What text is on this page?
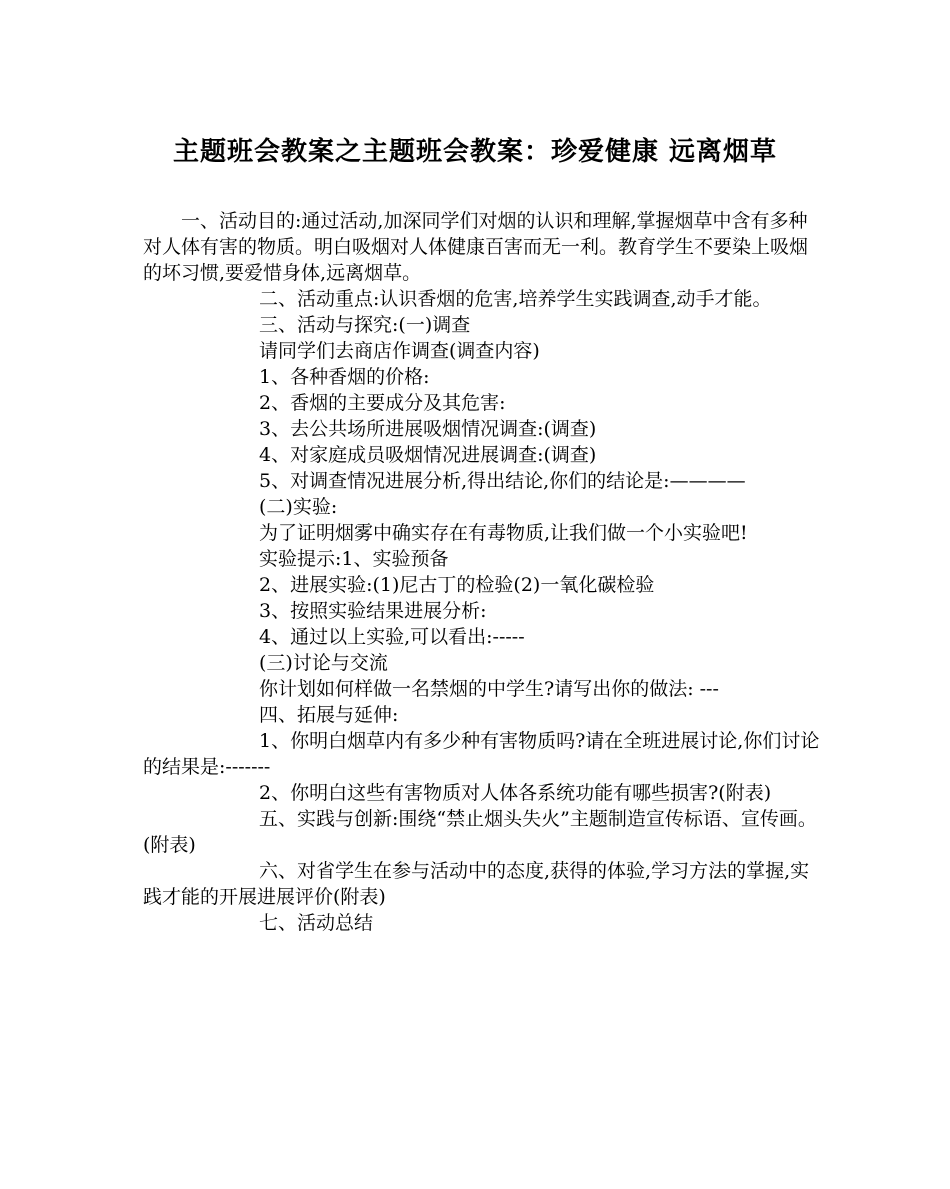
主题班会教案之主题班会教案：珍爱健康 远离烟草

一、活动目的:通过活动,加深同学们对烟的认识和理解,掌握烟草中含有多种对人体有害的物质。明白吸烟对人体健康百害而无一利。教育学生不要染上吸烟的坏习惯,要爱惜身体,远离烟草。

二、活动重点:认识香烟的危害,培养学生实践调查,动手才能。

三、活动与探究:(一)调查

请同学们去商店作调查(调查内容)

1、各种香烟的价格:

2、香烟的主要成分及其危害:

3、去公共场所进展吸烟情况调查:(调查)

4、对家庭成员吸烟情况进展调查:(调查)

5、对调查情况进展分析,得出结论,你们的结论是:————

(二)实验:

为了证明烟雾中确实存在有毒物质,让我们做一个小实验吧!

实验提示:1、实验预备

2、进展实验:(1)尼古丁的检验(2)一氧化碳检验

3、按照实验结果进展分析:

4、通过以上实验,可以看出:-----

(三)讨论与交流

你计划如何样做一名禁烟的中学生?请写出你的做法: ---

四、拓展与延伸:

1、你明白烟草内有多少种有害物质吗?请在全班进展讨论,你们讨论的结果是:-------

2、你明白这些有害物质对人体各系统功能有哪些损害?(附表)

五、实践与创新:围绕“禁止烟头失火”主题制造宣传标语、宣传画。(附表)

六、对省学生在参与活动中的态度,获得的体验,学习方法的掌握,实践才能的开展进展评价(附表)

七、活动总结
